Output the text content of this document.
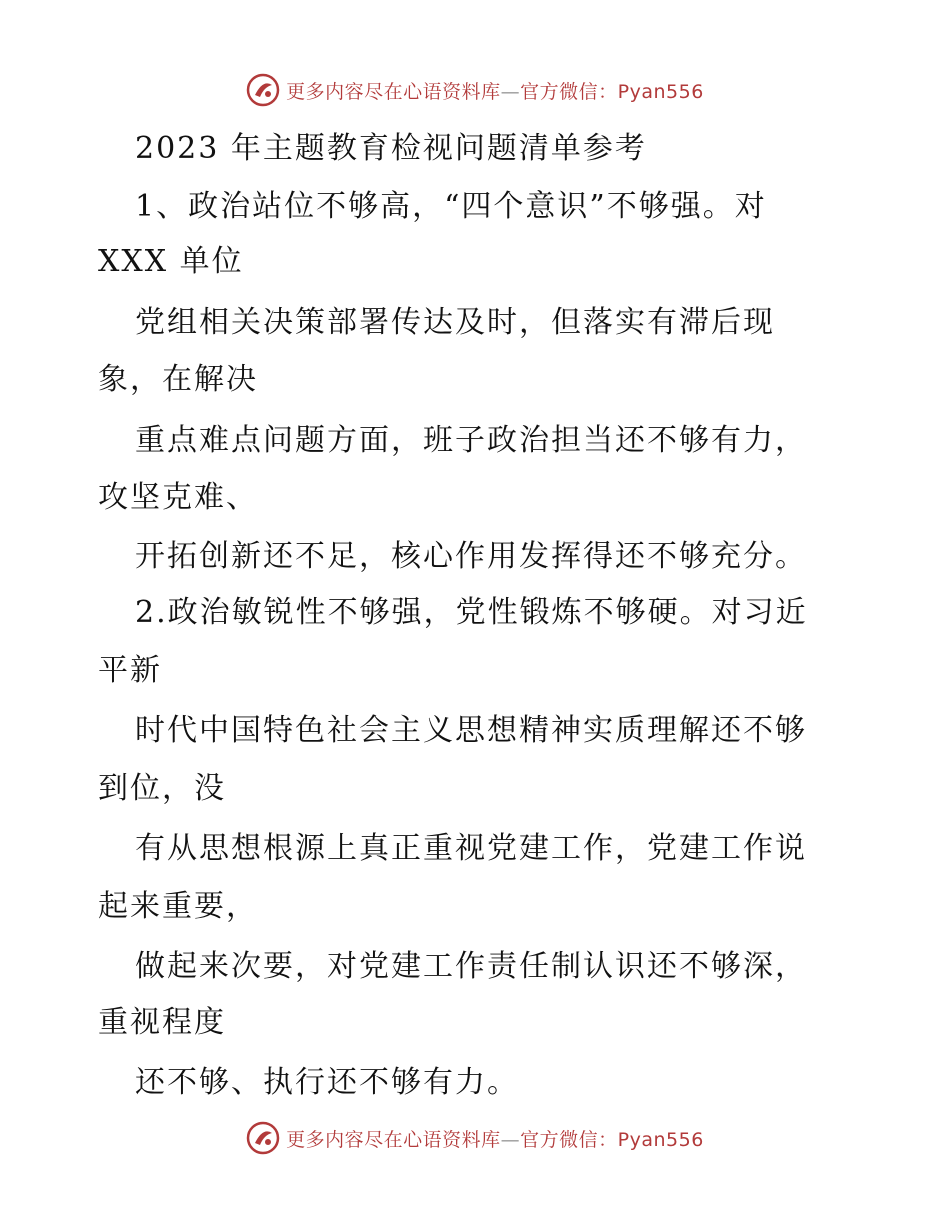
更多内容尽在心语资料库—官方微信：Pyan556
2023 年主题教育检视问题清单参考
1、政治站位不够高，“四个意识”不够强。对
XXX 单位
党组相关决策部署传达及时，但落实有滞后现
象，在解决
重点难点问题方面，班子政治担当还不够有力，
攻坚克难、
开拓创新还不足，核心作用发挥得还不够充分。
2.政治敏锐性不够强，党性锻炼不够硬。对习近
平新
时代中国特色社会主义思想精神实质理解还不够
到位，没
有从思想根源上真正重视党建工作，党建工作说
起来重要，
做起来次要，对党建工作责任制认识还不够深，
重视程度
还不够、执行还不够有力。
更多内容尽在心语资料库—官方微信：Pyan556
